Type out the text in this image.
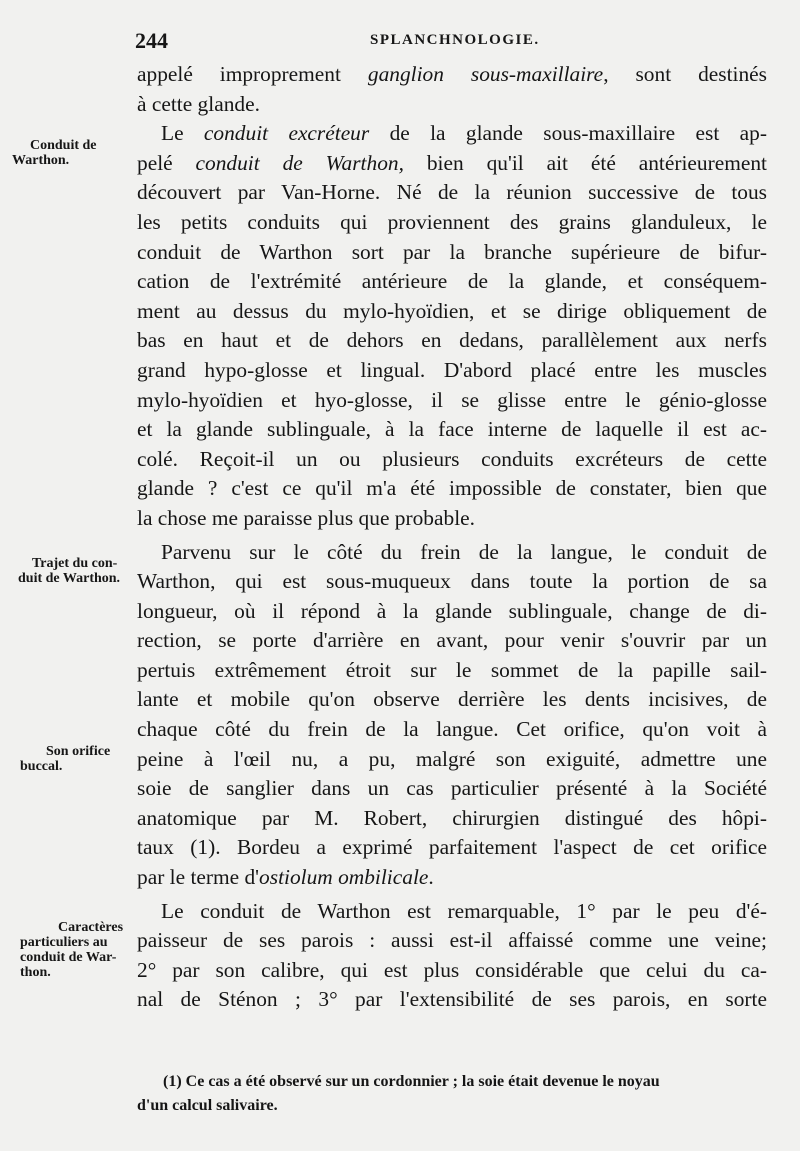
244	SPLANCHNOLOGIE.
Conduit de
Warthon.
Trajet du con-
duit de Warthon.
Son orifice
buccal.
Caractères
particuliers au
conduit de War-
thon.
appelé improprement ganglion sous-maxillaire, sont destinés
à cette glande.
Le conduit excréteur de la glande sous-maxillaire est ap-
pelé conduit de Warthon, bien qu'il ait été antérieurement
découvert par Van-Horne. Né de la réunion successive de tous
les petits conduits qui proviennent des grains glanduleux, le
conduit de Warthon sort par la branche supérieure de bifur-
cation de l'extrémité antérieure de la glande, et conséquem-
ment au dessus du mylo-hyoïdien, et se dirige obliquement de
bas en haut et de dehors en dedans, parallèlement aux nerfs
grand hypo-glosse et lingual. D'abord placé entre les muscles
mylo-hyoïdien et hyo-glosse, il se glisse entre le génio-glosse
et la glande sublinguale, à la face interne de laquelle il est ac-
colé. Reçoit-il un ou plusieurs conduits excréteurs de cette
glande ? c'est ce qu'il m'a été impossible de constater, bien que
la chose me paraisse plus que probable.
Parvenu sur le côté du frein de la langue, le conduit de
Warthon, qui est sous-muqueux dans toute la portion de sa
longueur, où il répond à la glande sublinguale, change de di-
rection, se porte d'arrière en avant, pour venir s'ouvrir par un
pertuis extrêmement étroit sur le sommet de la papille sail-
lante et mobile qu'on observe derrière les dents incisives, de
chaque côté du frein de la langue. Cet orifice, qu'on voit à
peine à l'œil nu, a pu, malgré son exiguité, admettre une
soie de sanglier dans un cas particulier présenté à la Société
anatomique par M. Robert, chirurgien distingué des hôpi-
taux (1). Bordeu a exprimé parfaitement l'aspect de cet orifice
par le terme d'ostiolum ombilicale.
Le conduit de Warthon est remarquable, 1° par le peu d'é-
paisseur de ses parois : aussi est-il affaissé comme une veine;
2° par son calibre, qui est plus considérable que celui du ca-
nal de Sténon ; 3° par l'extensibilité de ses parois, en sorte
(1) Ce cas a été observé sur un cordonnier ; la soie était devenue le noyau
d'un calcul salivaire.
